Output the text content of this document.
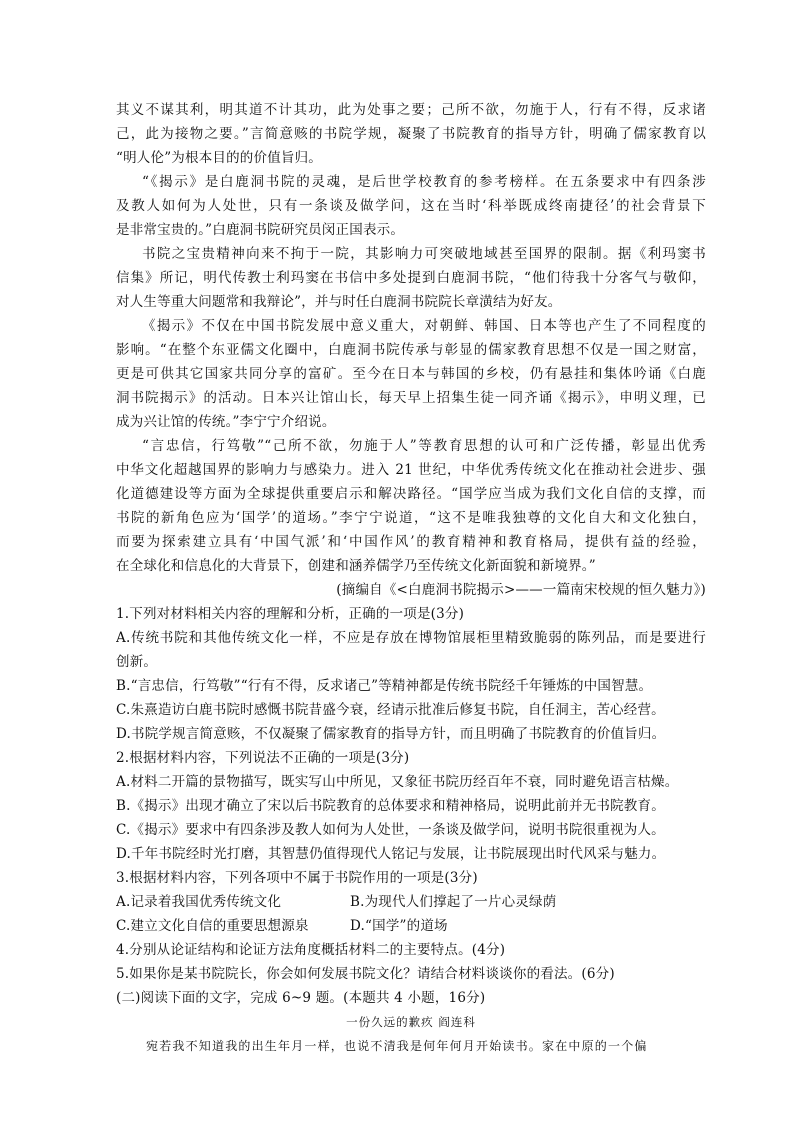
其义不谋其利，明其道不计其功，此为处事之要；己所不欲，勿施于人，行有不得，反求诸
己，此为接物之要。”言简意赅的书院学规，凝聚了书院教育的指导方针，明确了儒家教育以
“明人伦”为根本目的的价值旨归。
“《揭示》是白鹿洞书院的灵魂，是后世学校教育的参考榜样。在五条要求中有四条涉
及教人如何为人处世，只有一条谈及做学问，这在当时‘科举既成终南捷径’的社会背景下
是非常宝贵的。”白鹿洞书院研究员闵正国表示。
书院之宝贵精神向来不拘于一院，其影响力可突破地域甚至国界的限制。据《利玛窦书
信集》所记，明代传教士利玛窦在书信中多处提到白鹿洞书院，“他们待我十分客气与敬仰，
对人生等重大问题常和我辩论”，并与时任白鹿洞书院院长章潢结为好友。
《揭示》不仅在中国书院发展中意义重大，对朝鲜、韩国、日本等也产生了不同程度的
影响。“在整个东亚儒文化圈中，白鹿洞书院传承与彰显的儒家教育思想不仅是一国之财富，
更是可供其它国家共同分享的富矿。至今在日本与韩国的乡校，仍有悬挂和集体吟诵《白鹿
洞书院揭示》的活动。日本兴让馆山长，每天早上招集生徒一同齐诵《揭示》，申明义理，已
成为兴让馆的传统。”李宁宁介绍说。
“言忠信，行笃敬”“己所不欲，勿施于人”等教育思想的认可和广泛传播，彰显出优秀
中华文化超越国界的影响力与感染力。进入 21 世纪，中华优秀传统文化在推动社会进步、强
化道德建设等方面为全球提供重要启示和解决路径。“国学应当成为我们文化自信的支撑，而
书院的新角色应为‘国学’的道场。”李宁宁说道，“这不是唯我独尊的文化自大和文化独白，
而要为探索建立具有‘中国气派’和‘中国作风’的教育精神和教育格局，提供有益的经验，
在全球化和信息化的大背景下，创建和涵养儒学乃至传统文化新面貌和新境界。”
(摘编自《<白鹿洞书院揭示>——一篇南宋校规的恒久魅力》)
1.下列对材料相关内容的理解和分析，正确的一项是(3分)
A.传统书院和其他传统文化一样，不应是存放在博物馆展柜里精致脆弱的陈列品，而是要进行
创新。
B.“言忠信，行笃敬”“行有不得，反求诸己”等精神都是传统书院经千年锤炼的中国智慧。
C.朱熹造访白鹿书院时感慨书院昔盛今衰，经请示批准后修复书院，自任洞主，苦心经营。
D.书院学规言简意赅，不仅凝聚了儒家教育的指导方针，而且明确了书院教育的价值旨归。
2.根据材料内容，下列说法不正确的一项是(3分)
A.材料二开篇的景物描写，既实写山中所见，又象征书院历经百年不衰，同时避免语言枯燥。
B.《揭示》出现才确立了宋以后书院教育的总体要求和精神格局，说明此前并无书院教育。
C.《揭示》要求中有四条涉及教人如何为人处世，一条谈及做学问，说明书院很重视为人。
D.千年书院经时光打磨，其智慧仍值得现代人铭记与发展，让书院展现出时代风采与魅力。
3.根据材料内容，下列各项中不属于书院作用的一项是(3分)
A.记录着我国优秀传统文化	B.为现代人们撑起了一片心灵绿荫
C.建立文化自信的重要思想源泉	D.“国学”的道场
4.分别从论证结构和论证方法角度概括材料二的主要特点。(4分)
5.如果你是某书院院长，你会如何发展书院文化？请结合材料谈谈你的看法。(6分)
(二)阅读下面的文字，完成 6~9 题。(本题共 4 小题，16分)
一份久远的歉疚 阎连科
宛若我不知道我的出生年月一样，也说不清我是何年何月开始读书。家在中原的一个偏
